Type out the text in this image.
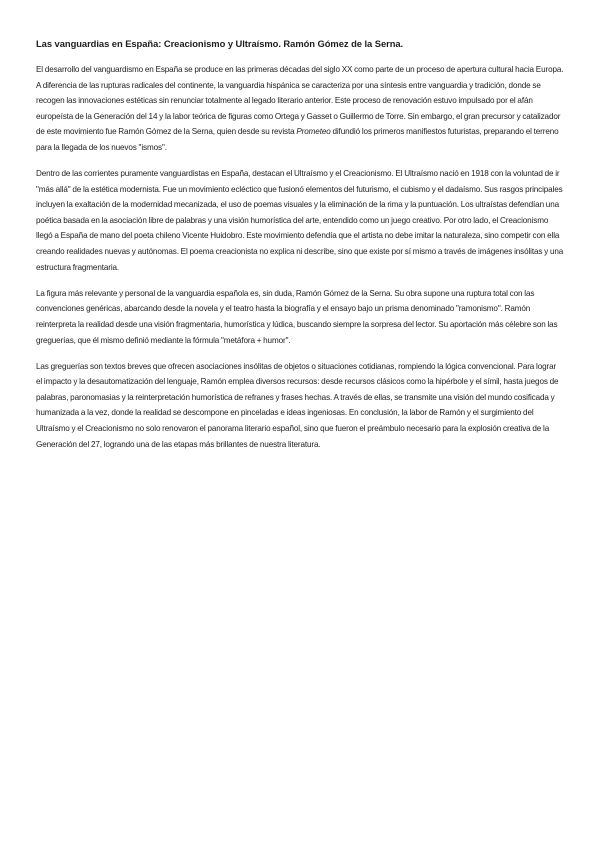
Las vanguardias en España: Creacionismo y Ultraísmo. Ramón Gómez de la Serna.

El desarrollo del vanguardismo en España se produce en las primeras décadas del siglo XX como parte de un proceso de apertura cultural hacia Europa. A diferencia de las rupturas radicales del continente, la vanguardia hispánica se caracteriza por una síntesis entre vanguardia y tradición, donde se recogen las innovaciones estéticas sin renunciar totalmente al legado literario anterior. Este proceso de renovación estuvo impulsado por el afán europeísta de la Generación del 14 y la labor teórica de figuras como Ortega y Gasset o Guillermo de Torre. Sin embargo, el gran precursor y catalizador de este movimiento fue Ramón Gómez de la Serna, quien desde su revista Prometeo difundió los primeros manifiestos futuristas, preparando el terreno para la llegada de los nuevos "ismos".

Dentro de las corrientes puramente vanguardistas en España, destacan el Ultraísmo y el Creacionismo. El Ultraísmo nació en 1918 con la voluntad de ir "más allá" de la estética modernista. Fue un movimiento ecléctico que fusionó elementos del futurismo, el cubismo y el dadaísmo. Sus rasgos principales incluyen la exaltación de la modernidad mecanizada, el uso de poemas visuales y la eliminación de la rima y la puntuación. Los ultraístas defendían una poética basada en la asociación libre de palabras y una visión humorística del arte, entendido como un juego creativo. Por otro lado, el Creacionismo llegó a España de mano del poeta chileno Vicente Huidobro. Este movimiento defendía que el artista no debe imitar la naturaleza, sino competir con ella creando realidades nuevas y autónomas. El poema creacionista no explica ni describe, sino que existe por sí mismo a través de imágenes insólitas y una estructura fragmentaria.

La figura más relevante y personal de la vanguardia española es, sin duda, Ramón Gómez de la Serna. Su obra supone una ruptura total con las convenciones genéricas, abarcando desde la novela y el teatro hasta la biografía y el ensayo bajo un prisma denominado "ramonismo". Ramón reinterpreta la realidad desde una visión fragmentaria, humorística y lúdica, buscando siempre la sorpresa del lector. Su aportación más célebre son las greguerías, que él mismo definió mediante la fórmula "metáfora + humor".

Las greguerías son textos breves que ofrecen asociaciones insólitas de objetos o situaciones cotidianas, rompiendo la lógica convencional. Para lograr el impacto y la desautomatización del lenguaje, Ramón emplea diversos recursos: desde recursos clásicos como la hipérbole y el símil, hasta juegos de palabras, paronomasias y la reinterpretación humorística de refranes y frases hechas. A través de ellas, se transmite una visión del mundo cosificada y humanizada a la vez, donde la realidad se descompone en pinceladas e ideas ingeniosas. En conclusión, la labor de Ramón y el surgimiento del Ultraísmo y el Creacionismo no solo renovaron el panorama literario español, sino que fueron el preámbulo necesario para la explosión creativa de la Generación del 27, logrando una de las etapas más brillantes de nuestra literatura.
